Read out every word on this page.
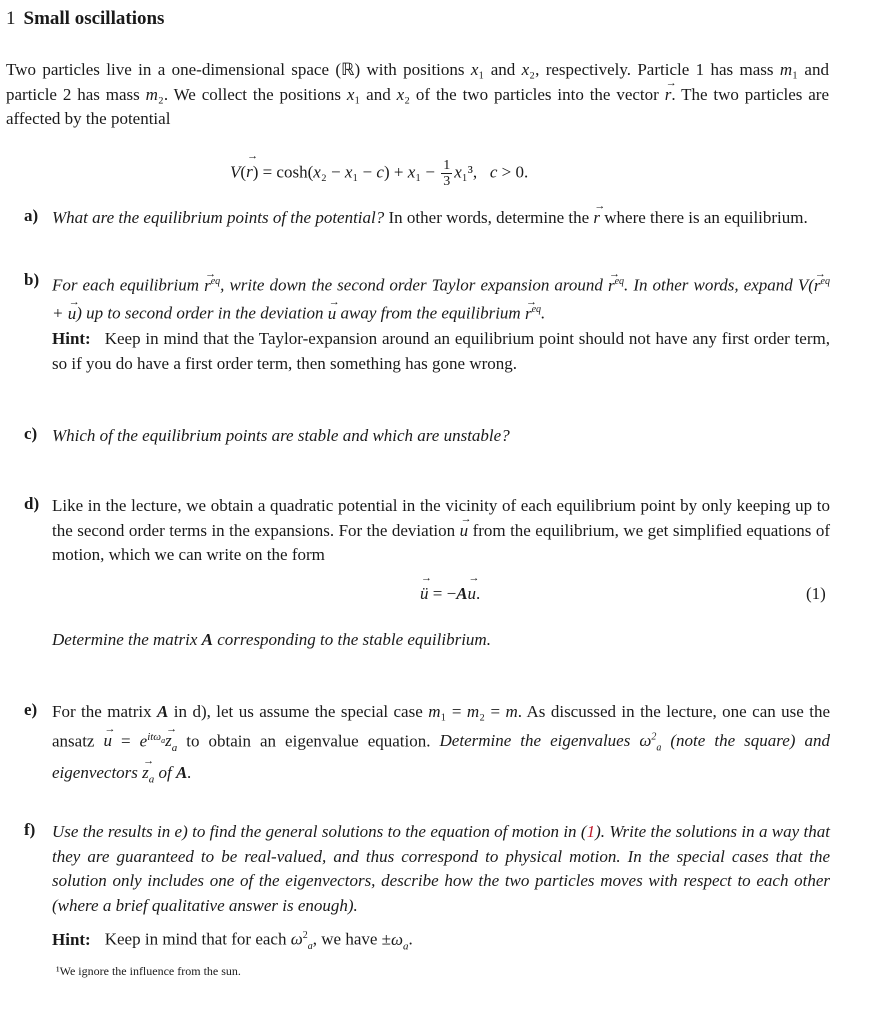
1 Small oscillations
Two particles live in a one-dimensional space (ℝ) with positions x₁ and x₂, respectively. Particle 1 has mass m₁ and particle 2 has mass m₂. We collect the positions x₁ and x₂ of the two particles into the vector r →. The two particles are affected by the potential
V(r →) = $\cosh(x_2 - x_1 - c) + x_1 - \frac{1}{3} x_1^3$,   c > 0.
a) What are the equilibrium points of the potential? In other words, determine the r → where there is an equilibrium.
b) For each equilibrium r →$^{eq}$, write down the second order Taylor expansion around r →$^{eq}$. In other words, expand V(r →$^{eq}$ + u →) up to second order in the deviation u → away from the equilibrium r →$^{eq}$.
Hint: Keep in mind that the Taylor-expansion around an equilibrium point should not have any first order term, so if you do have a first order term, then something has gone wrong.
c) Which of the equilibrium points are stable and which are unstable?
d) Like in the lecture, we obtain a quadratic potential in the vicinity of each equilibrium point by only keeping up to the second order terms in the expansions. For the deviation u → from the equilibrium, we get simplified equations of motion, which we can write on the form
ü → = −Au →.	(1)
Determine the matrix A corresponding to the stable equilibrium.
e) For the matrix A in d), let us assume the special case m₁ = m₂ = m. As discussed in the lecture, one can use the ansatz u → = $e^{it\omega_a}z \to_a$ to obtain an eigenvalue equation. Determine the eigenvalues $\omega^2_a$ (note the square) and eigenvectors $z \to_a$ of A.
f) Use the results in e) to find the general solutions to the equation of motion in (1). Write the solutions in a way that they are guaranteed to be real-valued, and thus correspond to physical motion. In the special cases that the solution only includes one of the eigenvectors, describe how the two particles moves with respect to each other (where a brief qualitative answer is enough).
Hint: Keep in mind that for each $\omega^2_a$, we have $\pm\omega_a$.
¹We ignore the influence from the sun.
